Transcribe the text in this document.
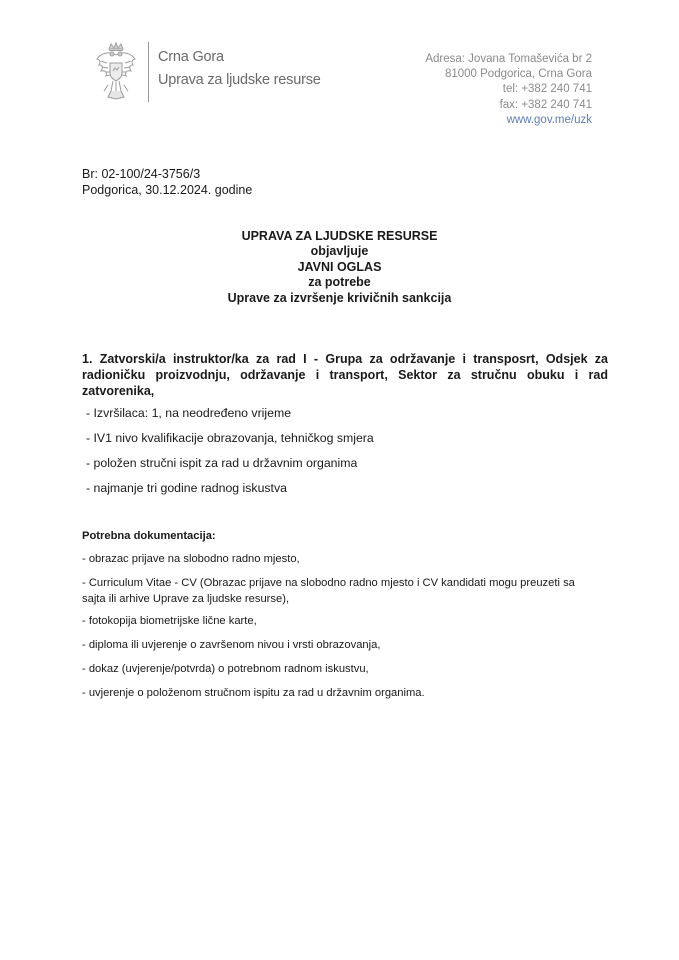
Crna Gora
Uprava za ljudske resurse
Adresa: Jovana Tomaševića br 2
81000 Podgorica, Crna Gora
tel: +382 240 741
fax: +382 240 741
www.gov.me/uzk
Br: 02-100/24-3756/3
Podgorica, 30.12.2024. godine
UPRAVA ZA LJUDSKE RESURSE
objavljuje
JAVNI OGLAS
za potrebe
Uprave za izvršenje krivičnih sankcija
1. Zatvorski/a instruktor/ka za rad I - Grupa za održavanje i transposrt, Odsjek za radioničku proizvodnju, održavanje i transport, Sektor za stručnu obuku i rad zatvorenika,
- Izvršilaca: 1, na neodređeno vrijeme
- IV1 nivo kvalifikacije obrazovanja, tehničkog smjera
- položen stručni ispit za rad u državnim organima
- najmanje tri godine radnog iskustva
Potrebna dokumentacija:
- obrazac prijave na slobodno radno mjesto,
- Curriculum Vitae - CV (Obrazac prijave na slobodno radno mjesto i CV kandidati mogu preuzeti sa sajta ili arhive Uprave za ljudske resurse),
- fotokopija biometrijske lične karte,
- diploma ili uvjerenje o završenom nivou i vrsti obrazovanja,
- dokaz (uvjerenje/potvrda) o potrebnom radnom iskustvu,
- uvjerenje o položenom stručnom ispitu za rad u državnim organima.
